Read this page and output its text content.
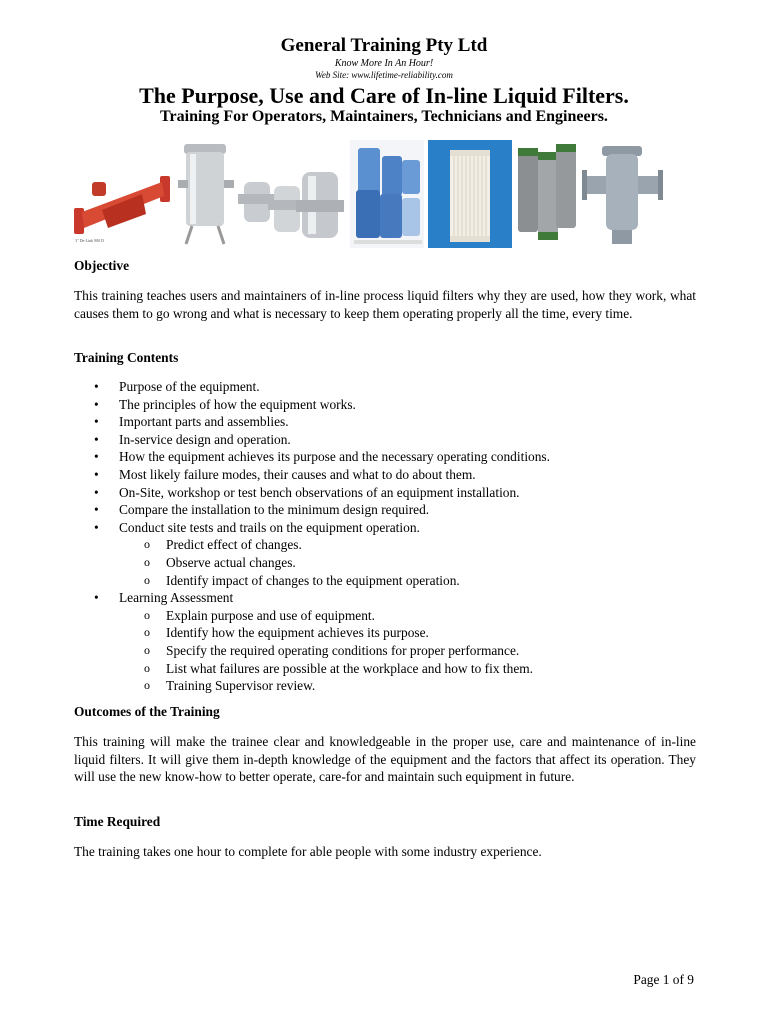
General Training Pty Ltd
Know More In An Hour!
Web Site: www.lifetime-reliability.com
The Purpose, Use and Care of In-line Liquid Filters.
Training For Operators, Maintainers, Technicians and Engineers.
3" De-Link 900 D
Objective
This training teaches users and maintainers of in-line process liquid filters why they are used, how they work, what causes them to go wrong and what is necessary to keep them operating properly all the time, every time.
Training Contents
• Purpose of the equipment.
• The principles of how the equipment works.
• Important parts and assemblies.
• In-service design and operation.
• How the equipment achieves its purpose and the necessary operating conditions.
• Most likely failure modes, their causes and what to do about them.
• On-Site, workshop or test bench observations of an equipment installation.
• Compare the installation to the minimum design required.
• Conduct site tests and trails on the equipment operation.
o Predict effect of changes.
o Observe actual changes.
o Identify impact of changes to the equipment operation.
• Learning Assessment
o Explain purpose and use of equipment.
o Identify how the equipment achieves its purpose.
o Specify the required operating conditions for proper performance.
o List what failures are possible at the workplace and how to fix them.
o Training Supervisor review.
Outcomes of the Training
This training will make the trainee clear and knowledgeable in the proper use, care and maintenance of in-line liquid filters. It will give them in-depth knowledge of the equipment and the factors that affect its operation. They will use the new know-how to better operate, care-for and maintain such equipment in future.
Time Required
The training takes one hour to complete for able people with some industry experience.
Page 1 of 9
